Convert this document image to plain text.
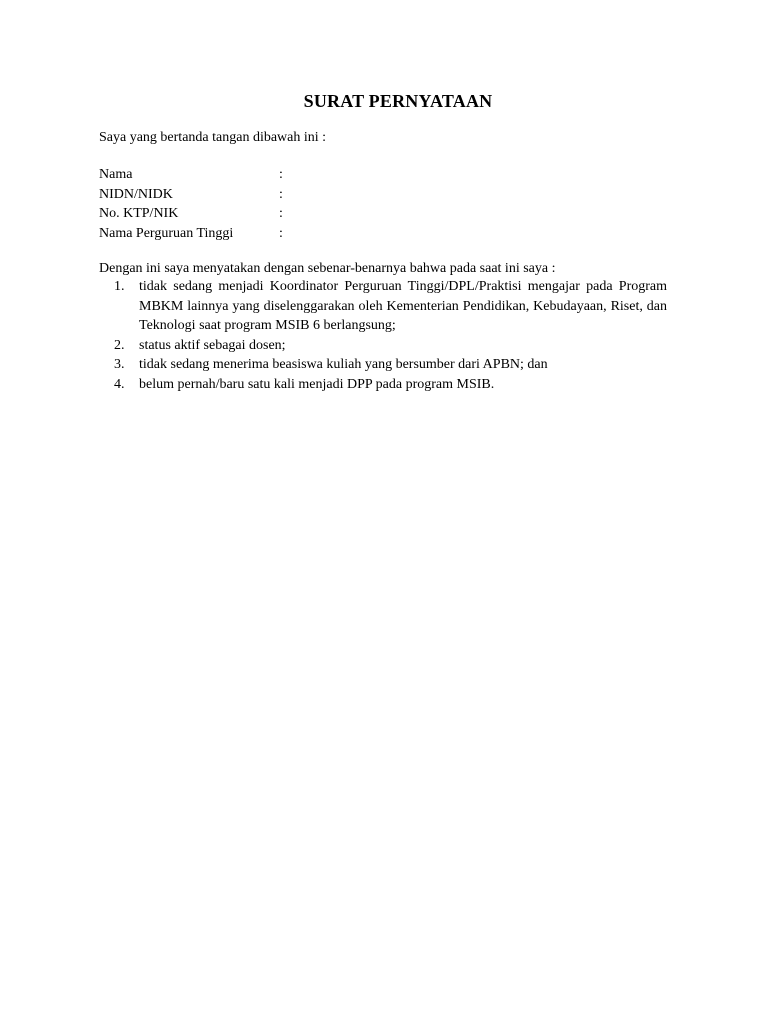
SURAT PERNYATAAN
Saya yang bertanda tangan dibawah ini :
Nama	:
NIDN/NIDK	:
No. KTP/NIK	:
Nama Perguruan Tinggi	:
Dengan ini saya menyatakan dengan sebenar-benarnya bahwa pada saat ini saya :
1. tidak sedang menjadi Koordinator Perguruan Tinggi/DPL/Praktisi mengajar pada Program MBKM lainnya yang diselenggarakan oleh Kementerian Pendidikan, Kebudayaan, Riset, dan Teknologi saat program MSIB 6 berlangsung;
2. status aktif sebagai dosen;
3. tidak sedang menerima beasiswa kuliah yang bersumber dari APBN; dan
4. belum pernah/baru satu kali menjadi DPP pada program MSIB.
